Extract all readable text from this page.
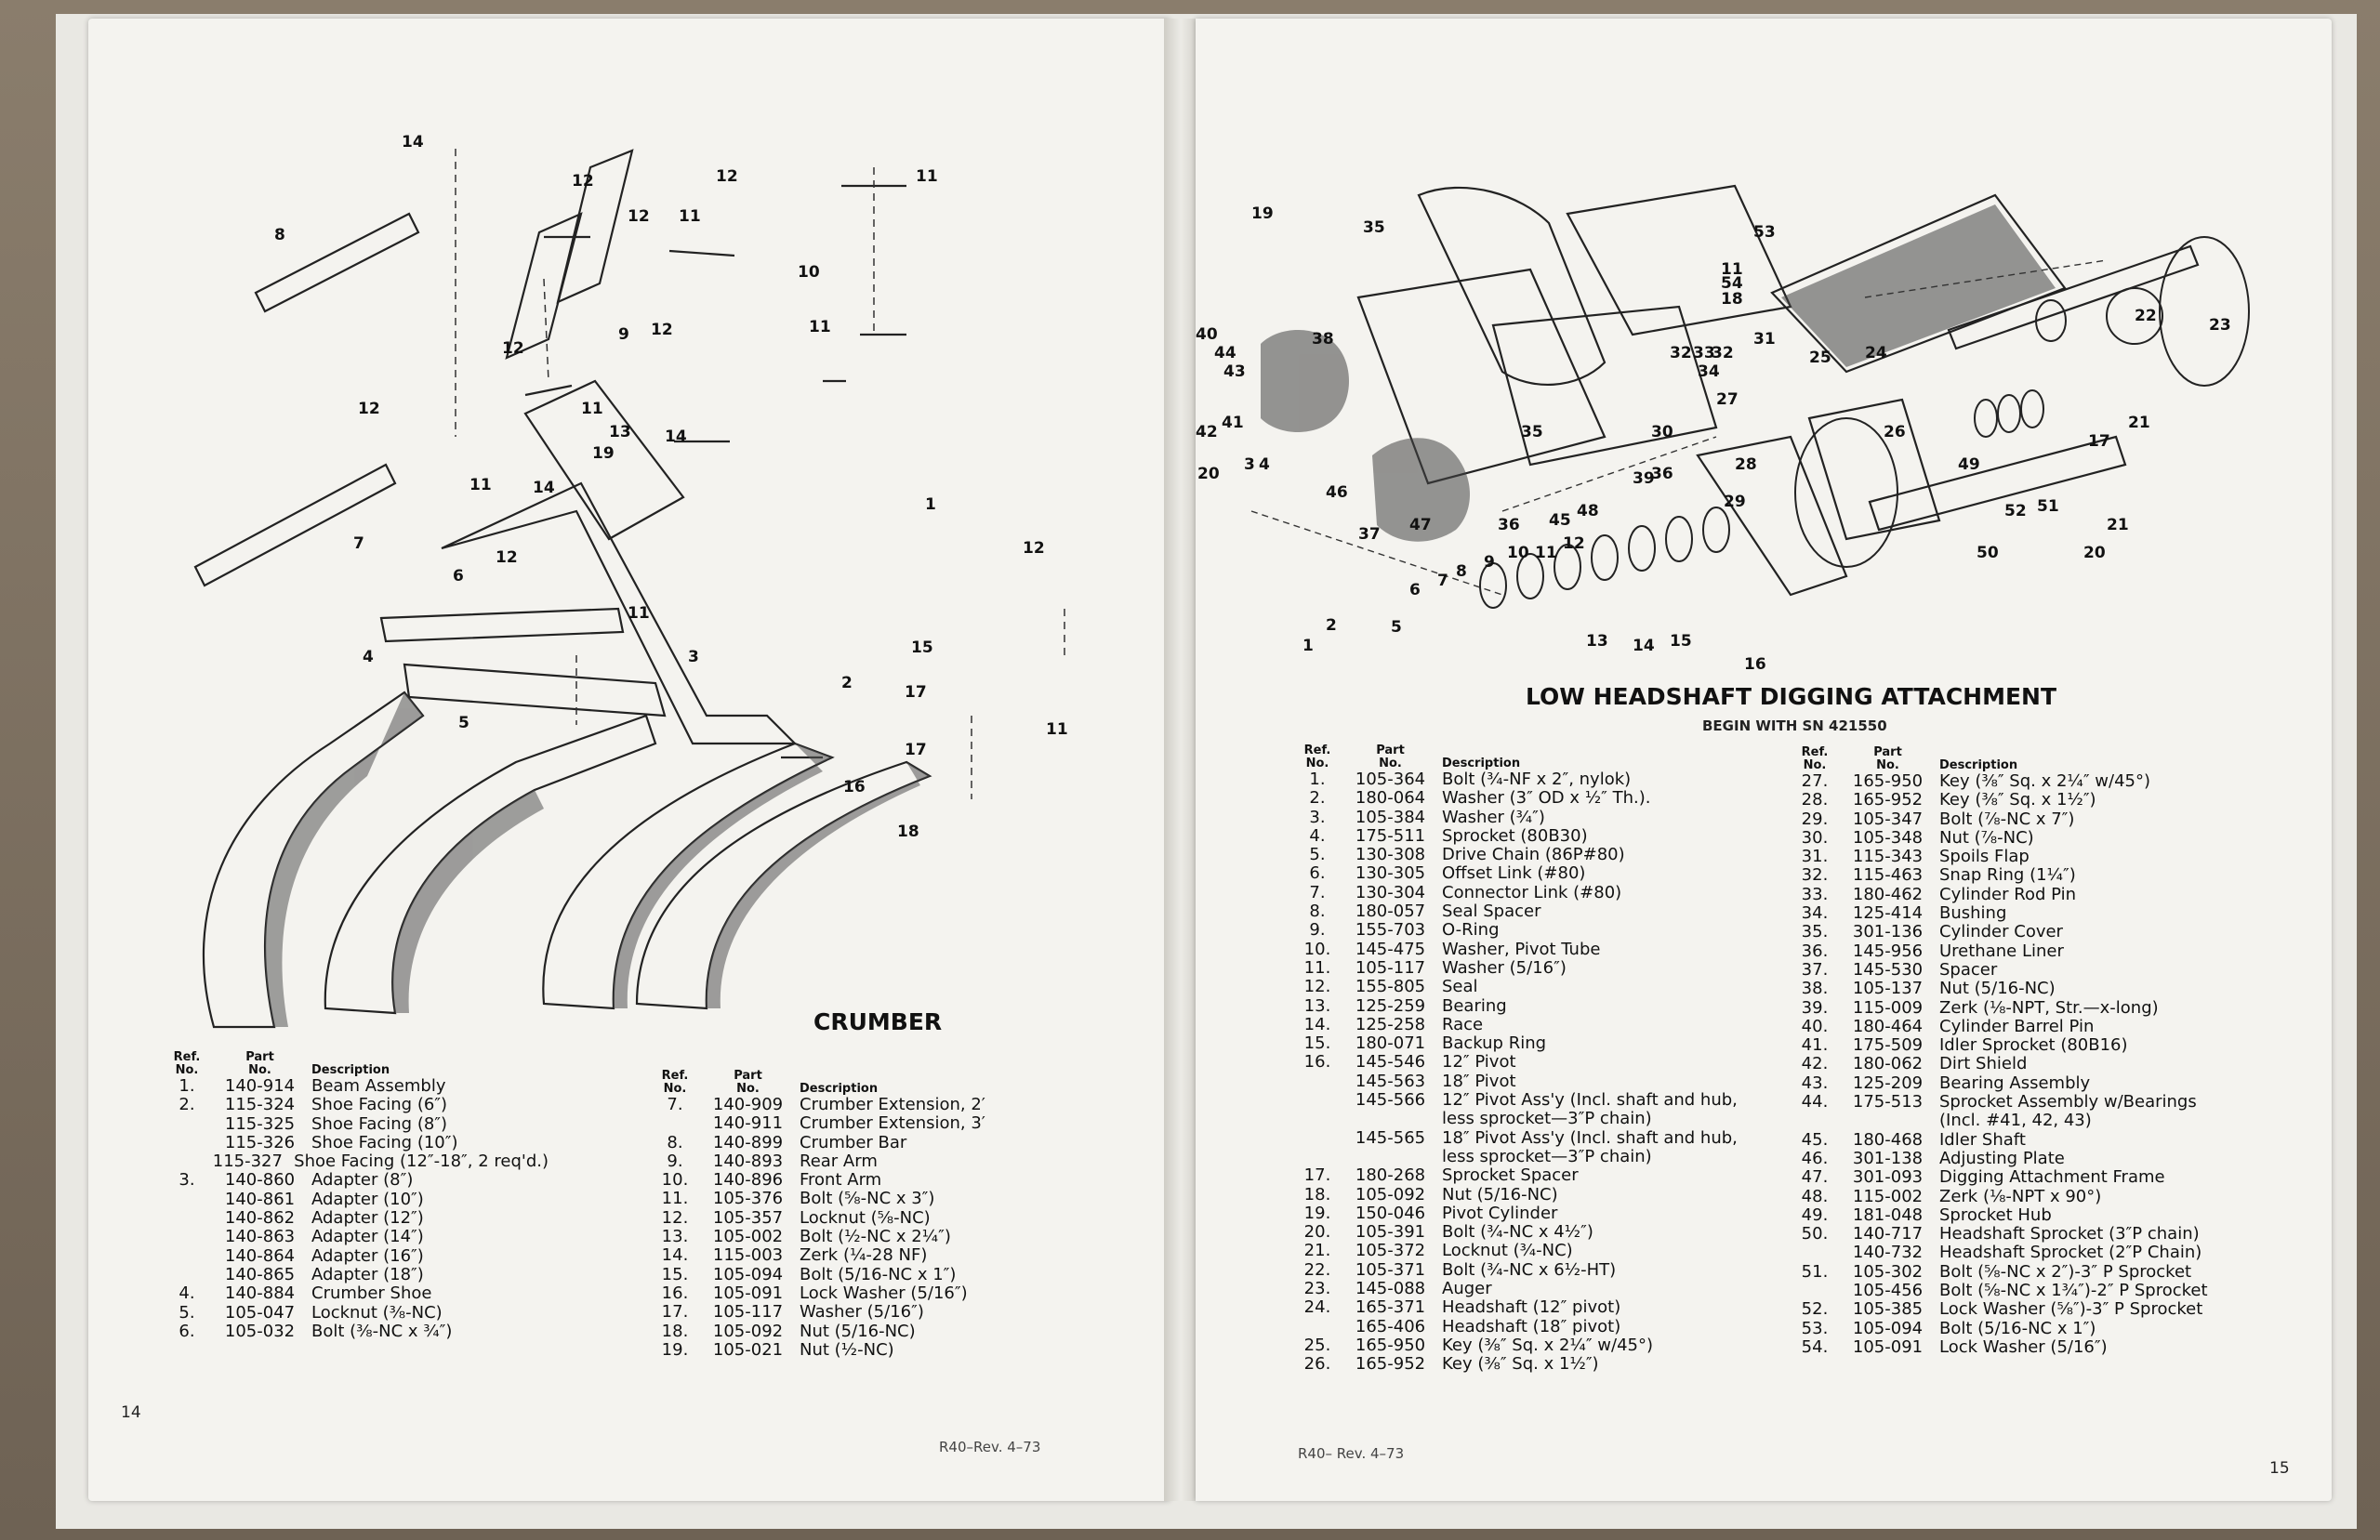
14
8
12	11
12
11
12
10
11
12
9
12
11
12
13 14
19
11	14
7
1
12
6
12
11
4	3
5
2
15
17
17
16
18
11
CRUMBER
Ref.
No.
Part
No.	Description
1.	140-914 Beam Assembly
2.	115-324 Shoe Facing (6″)
115-325 Shoe Facing (8″)
115-326 Shoe Facing (10″)
115-327 Shoe Facing (12″-18″, 2 req'd.)
3.	140-860 Adapter (8″)
140-861 Adapter (10″)
140-862 Adapter (12″)
140-863 Adapter (14″)
140-864 Adapter (16″)
140-865 Adapter (18″)
4.	140-884 Crumber Shoe
5.	105-047 Locknut (⅜-NC)
6.	105-032 Bolt (⅜-NC x ¾″)
Ref.
No.
Part
No.	Description
7.	140-909 Crumber Extension, 2′
140-911 Crumber Extension, 3′
8.	140-899 Crumber Bar
9.	140-893 Rear Arm
10.	140-896 Front Arm
11.	105-376 Bolt (⅝-NC x 3″)
12.	105-357 Locknut (⅝-NC)
13.	105-002 Bolt (½-NC x 2¼″)
14.	115-003 Zerk (¼-28 NF)
15.	105-094 Bolt (5/16-NC x 1″)
16.	105-091 Lock Washer (5/16″)
17.	105-117 Washer (5/16″)
18.	105-092 Nut (5/16-NC)
19.	105-021 Nut (½-NC)
14
R40–Rev. 4–73
19
35	53
11
54
18
31
40
44
43
41
42
20 3 4
37
38
39
32 33
34
32
27
30
25 24
26
28
36
29
49
52 51
50
17
21
22	23
21
20
46
47	36 45 48
35
1
2	5
6 7 8 9 10 11 12
13 14 15
16
LOW HEADSHAFT DIGGING ATTACHMENT
BEGIN WITH SN 421550
Ref.
No.
Part
No.	Description
1.	105-364 Bolt (¾-NF x 2″, nylok)
2.	180-064 Washer (3″ OD x ½″ Th.).
3.	105-384 Washer (¾″)
4.	175-511 Sprocket (80B30)
5.	130-308 Drive Chain (86P#80)
6.	130-305 Offset Link (#80)
7.	130-304 Connector Link (#80)
8.	180-057 Seal Spacer
9.	155-703 O-Ring
10.	145-475 Washer, Pivot Tube
11.	105-117 Washer (5/16″)
12.	155-805 Seal
13.	125-259 Bearing
14.	125-258 Race
15.	180-071 Backup Ring
16.	145-546 12″ Pivot
145-563 18″ Pivot
145-566 12″ Pivot Ass'y (Incl. shaft and hub,
less sprocket—3″P chain)
145-565 18″ Pivot Ass'y (Incl. shaft and hub,
less sprocket—3″P chain)
17.	180-268 Sprocket Spacer
18.	105-092 Nut (5/16-NC)
19.	150-046 Pivot Cylinder
20.	105-391 Bolt (¾-NC x 4½″)
21.	105-372 Locknut (¾-NC)
22.	105-371 Bolt (¾-NC x 6½-HT)
23.	145-088 Auger
24.	165-371 Headshaft (12″ pivot)
165-406 Headshaft (18″ pivot)
25.	165-950 Key (⅜″ Sq. x 2¼″ w/45°)
26.	165-952 Key (⅜″ Sq. x 1½″)
Ref.
No.
Part
No.	Description
27.	165-950 Key (⅜″ Sq. x 2¼″ w/45°)
28.	165-952 Key (⅜″ Sq. x 1½″)
29.	105-347 Bolt (⅞-NC x 7″)
30.	105-348 Nut (⅞-NC)
31.	115-343 Spoils Flap
32.	115-463 Snap Ring (1¼″)
33.	180-462 Cylinder Rod Pin
34.	125-414 Bushing
35.	301-136 Cylinder Cover
36.	145-956 Urethane Liner
37.	145-530 Spacer
38.	105-137 Nut (5/16-NC)
39.	115-009 Zerk (⅛-NPT, Str.—x-long)
40.	180-464 Cylinder Barrel Pin
41.	175-509 Idler Sprocket (80B16)
42.	180-062 Dirt Shield
43.	125-209 Bearing Assembly
44.	175-513 Sprocket Assembly w/Bearings
(Incl. #41, 42, 43)
45.	180-468 Idler Shaft
46.	301-138 Adjusting Plate
47.	301-093 Digging Attachment Frame
48.	115-002 Zerk (⅛-NPT x 90°)
49.	181-048 Sprocket Hub
50.	140-717 Headshaft Sprocket (3″P chain)
140-732 Headshaft Sprocket (2″P Chain)
51.	105-302 Bolt (⅝-NC x 2″)-3″ P Sprocket
105-456 Bolt (⅝-NC x 1¾″)-2″ P Sprocket
52.	105-385 Lock Washer (⅝″)-3″ P Sprocket
53.	105-094 Bolt (5/16-NC x 1″)
54.	105-091 Lock Washer (5/16″)
R40– Rev. 4–73
15
